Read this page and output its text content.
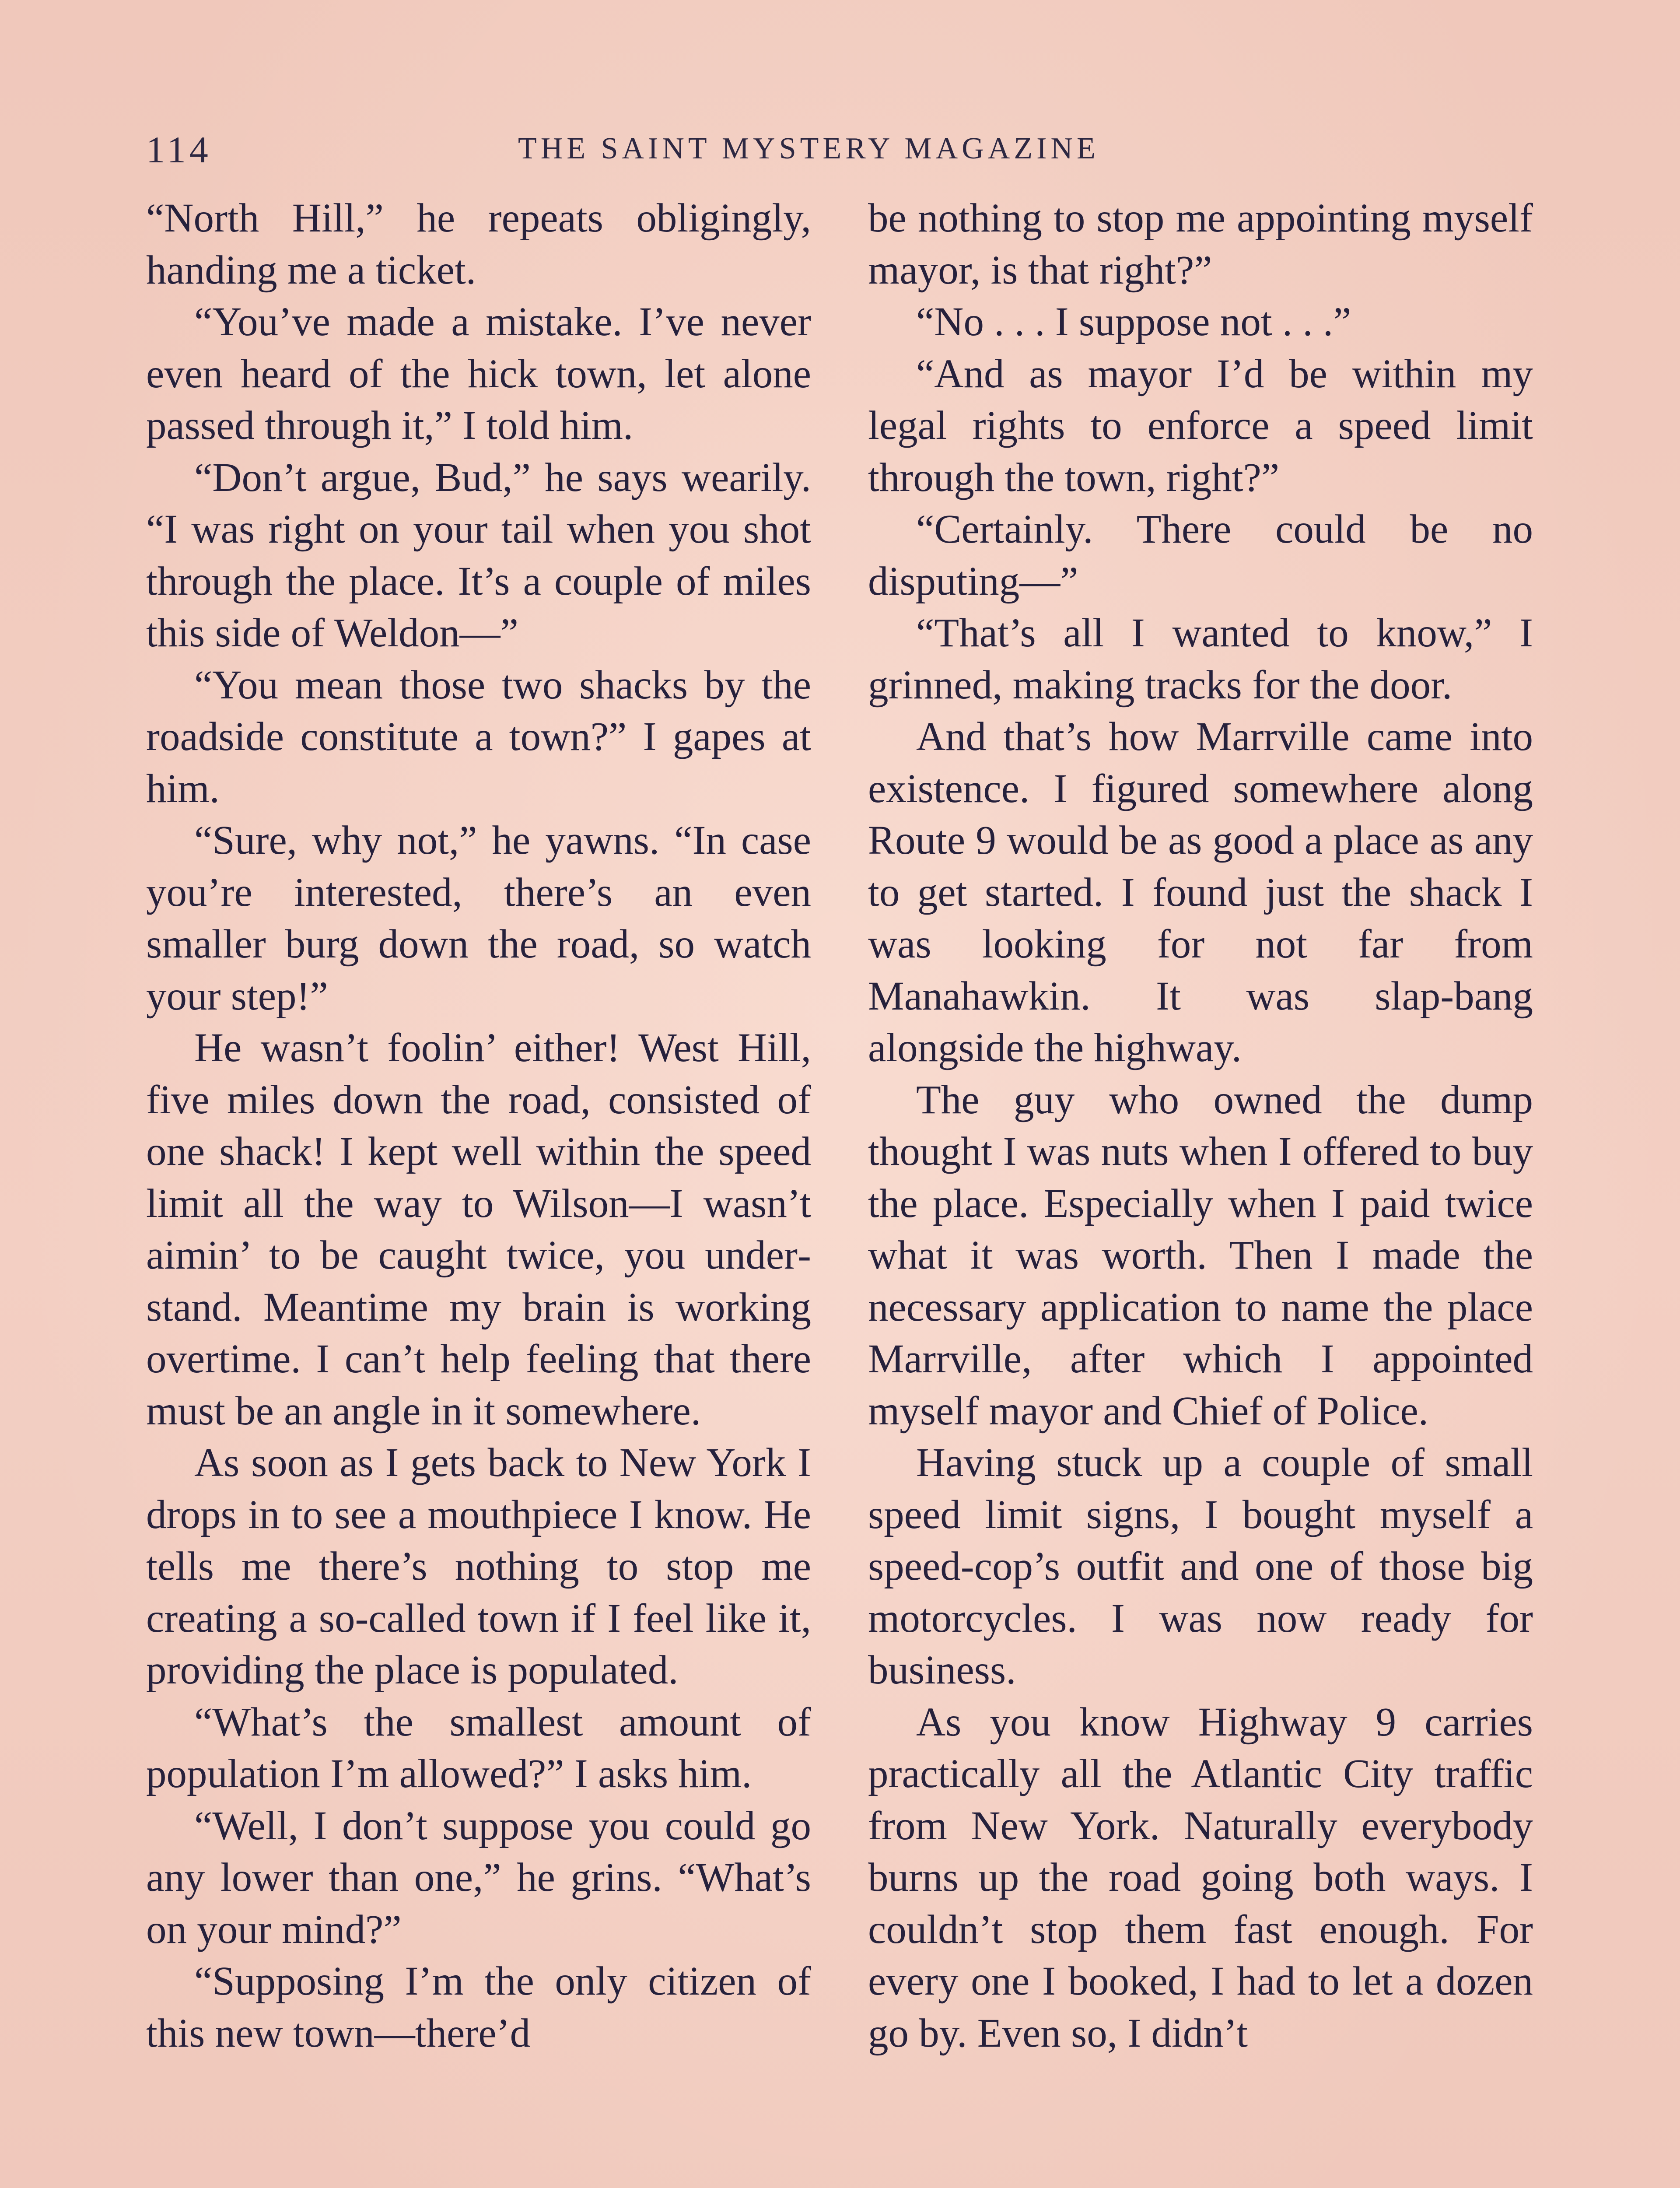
114	THE SAINT MYSTERY MAGAZINE

“North Hill,” he repeats obligingly, handing me a ticket.

“You’ve made a mistake. I’ve never even heard of the hick town, let alone passed through it,” I told him.

“Don’t argue, Bud,” he says wearily. “I was right on your tail when you shot through the place. It’s a couple of miles this side of Weldon—”

“You mean those two shacks by the roadside constitute a town?” I gapes at him.

“Sure, why not,” he yawns. “In case you’re interested, there’s an even smaller burg down the road, so watch your step!”

He wasn’t foolin’ either! West Hill, five miles down the road, consisted of one shack! I kept well within the speed limit all the way to Wilson—I wasn’t aimin’ to be caught twice, you understand. Meantime my brain is working overtime. I can’t help feeling that there must be an angle in it somewhere.

As soon as I gets back to New York I drops in to see a mouthpiece I know. He tells me there’s nothing to stop me creating a so-called town if I feel like it, providing the place is populated.

“What’s the smallest amount of population I’m allowed?” I asks him.

“Well, I don’t suppose you could go any lower than one,” he grins. “What’s on your mind?”

“Supposing I’m the only citizen of this new town—there’d

be nothing to stop me appointing myself mayor, is that right?”

“No . . . I suppose not . . .”

“And as mayor I’d be within my legal rights to enforce a speed limit through the town, right?”

“Certainly. There could be no disputing—”

“That’s all I wanted to know,” I grinned, making tracks for the door.

And that’s how Marrville came into existence. I figured somewhere along Route 9 would be as good a place as any to get started. I found just the shack I was looking for not far from Manahawkin. It was slap-bang alongside the highway.

The guy who owned the dump thought I was nuts when I offered to buy the place. Especially when I paid twice what it was worth. Then I made the necessary application to name the place Marrville, after which I appointed myself mayor and Chief of Police.

Having stuck up a couple of small speed limit signs, I bought myself a speed-cop’s outfit and one of those big motorcycles. I was now ready for business.

As you know Highway 9 carries practically all the Atlantic City traffic from New York. Naturally everybody burns up the road going both ways. I couldn’t stop them fast enough. For every one I booked, I had to let a dozen go by. Even so, I didn’t
